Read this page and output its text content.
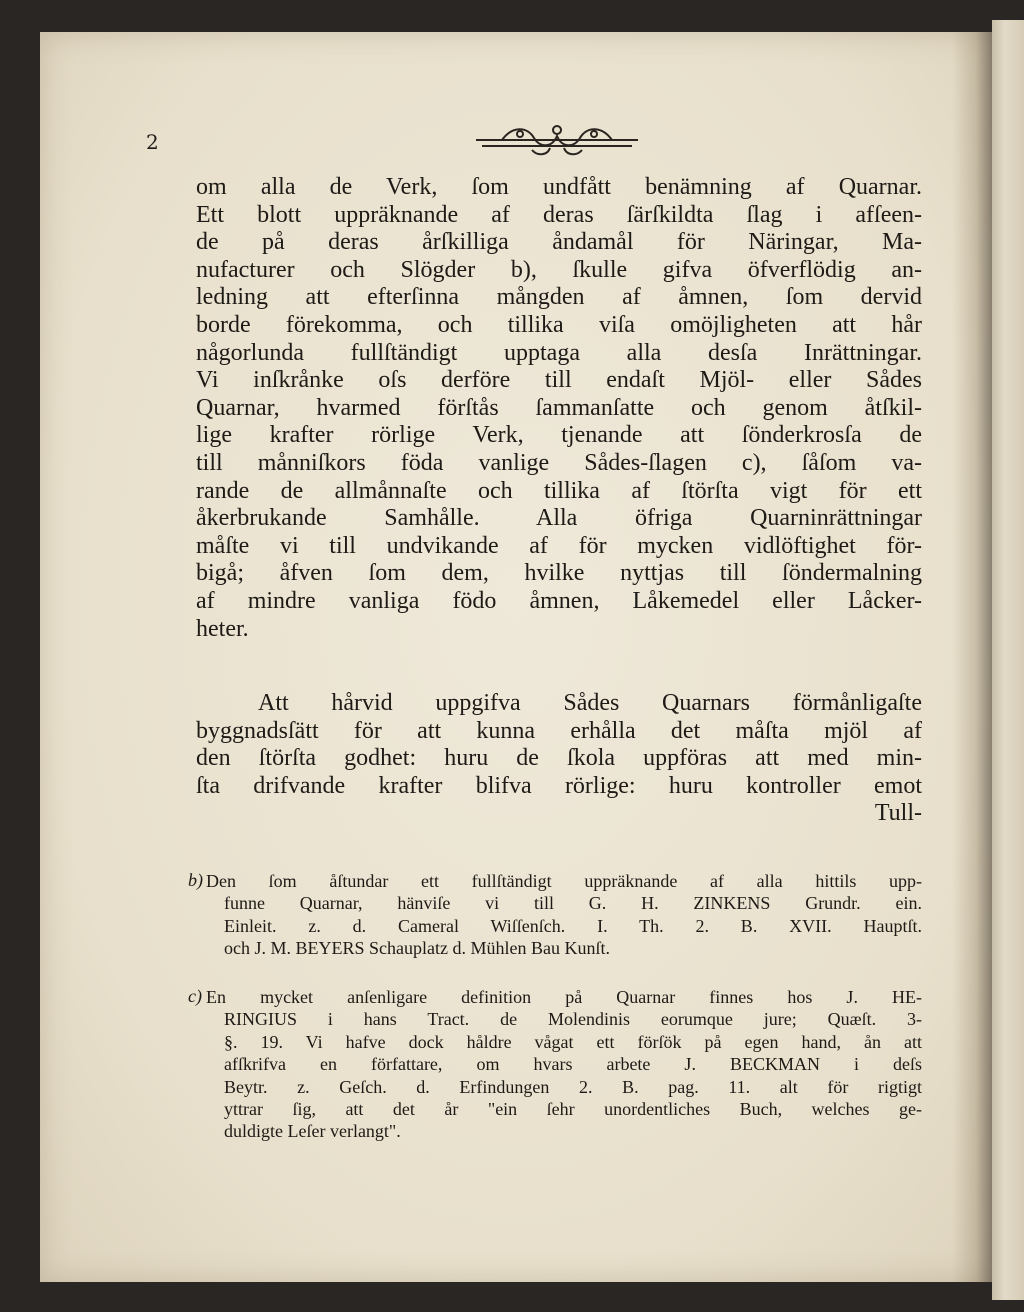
2
om alla de Verk, ſom undfått benämning af Quarnar.
Ett blott uppräknande af deras ſärſkildta ſlag i afſeen-
de på deras årſkilliga åndamål för Näringar, Ma-
nufacturer och Slögder b), ſkulle gifva öfverflödig an-
ledning att efterſinna mångden af åmnen, ſom dervid
borde förekomma, och tillika viſa omöjligheten att hår
någorlunda fullſtändigt upptaga alla desſa Inrättningar.
Vi inſkrånke oſs derföre till endaſt Mjöl- eller Sådes
Quarnar, hvarmed förſtås ſammanſatte och genom åtſkil-
lige krafter rörlige Verk, tjenande att ſönderkrosſa de
till månniſkors föda vanlige Sådes-ſlagen c), ſåſom va-
rande de allmånnaſte och tillika af ſtörſta vigt för ett
åkerbrukande Samhålle. Alla öfriga Quarninrättningar
måſte vi till undvikande af för mycken vidlöftighet för-
bigå; åfven ſom dem, hvilke nyttjas till ſöndermalning
af mindre vanliga födo åmnen, Låkemedel eller Låcker-
heter.
Att hårvid uppgifva Sådes Quarnars förmånligaſte
byggnadsſätt för att kunna erhålla det måſta mjöl af
den ſtörſta godhet: huru de ſkola uppföras att med min-
ſta drifvande krafter blifva rörlige: huru kontroller emot
Tull-
b) Den ſom åſtundar ett fullſtändigt uppräknande af alla hittils upp-
funne Quarnar, hänviſe vi till G. H. ZINKENS Grundr. ein.
Einleit. z. d. Cameral Wiſſenſch. I. Th. 2. B. XVII. Hauptſt.
och J. M. BEYERS Schauplatz d. Mühlen Bau Kunſt.
c) En mycket anſenligare definition på Quarnar finnes hos J. HE-
RINGIUS i hans Tract. de Molendinis eorumque jure; Quæſt. 3-
§. 19. Vi hafve dock håldre vågat ett förſök på egen hand, ån att
afſkrifva en författare, om hvars arbete J. BECKMAN i deſs
Beytr. z. Geſch. d. Erfindungen 2. B. pag. 11. alt för rigtigt
yttrar ſig, att det år "ein ſehr unordentliches Buch, welches ge-
duldigte Leſer verlangt".
